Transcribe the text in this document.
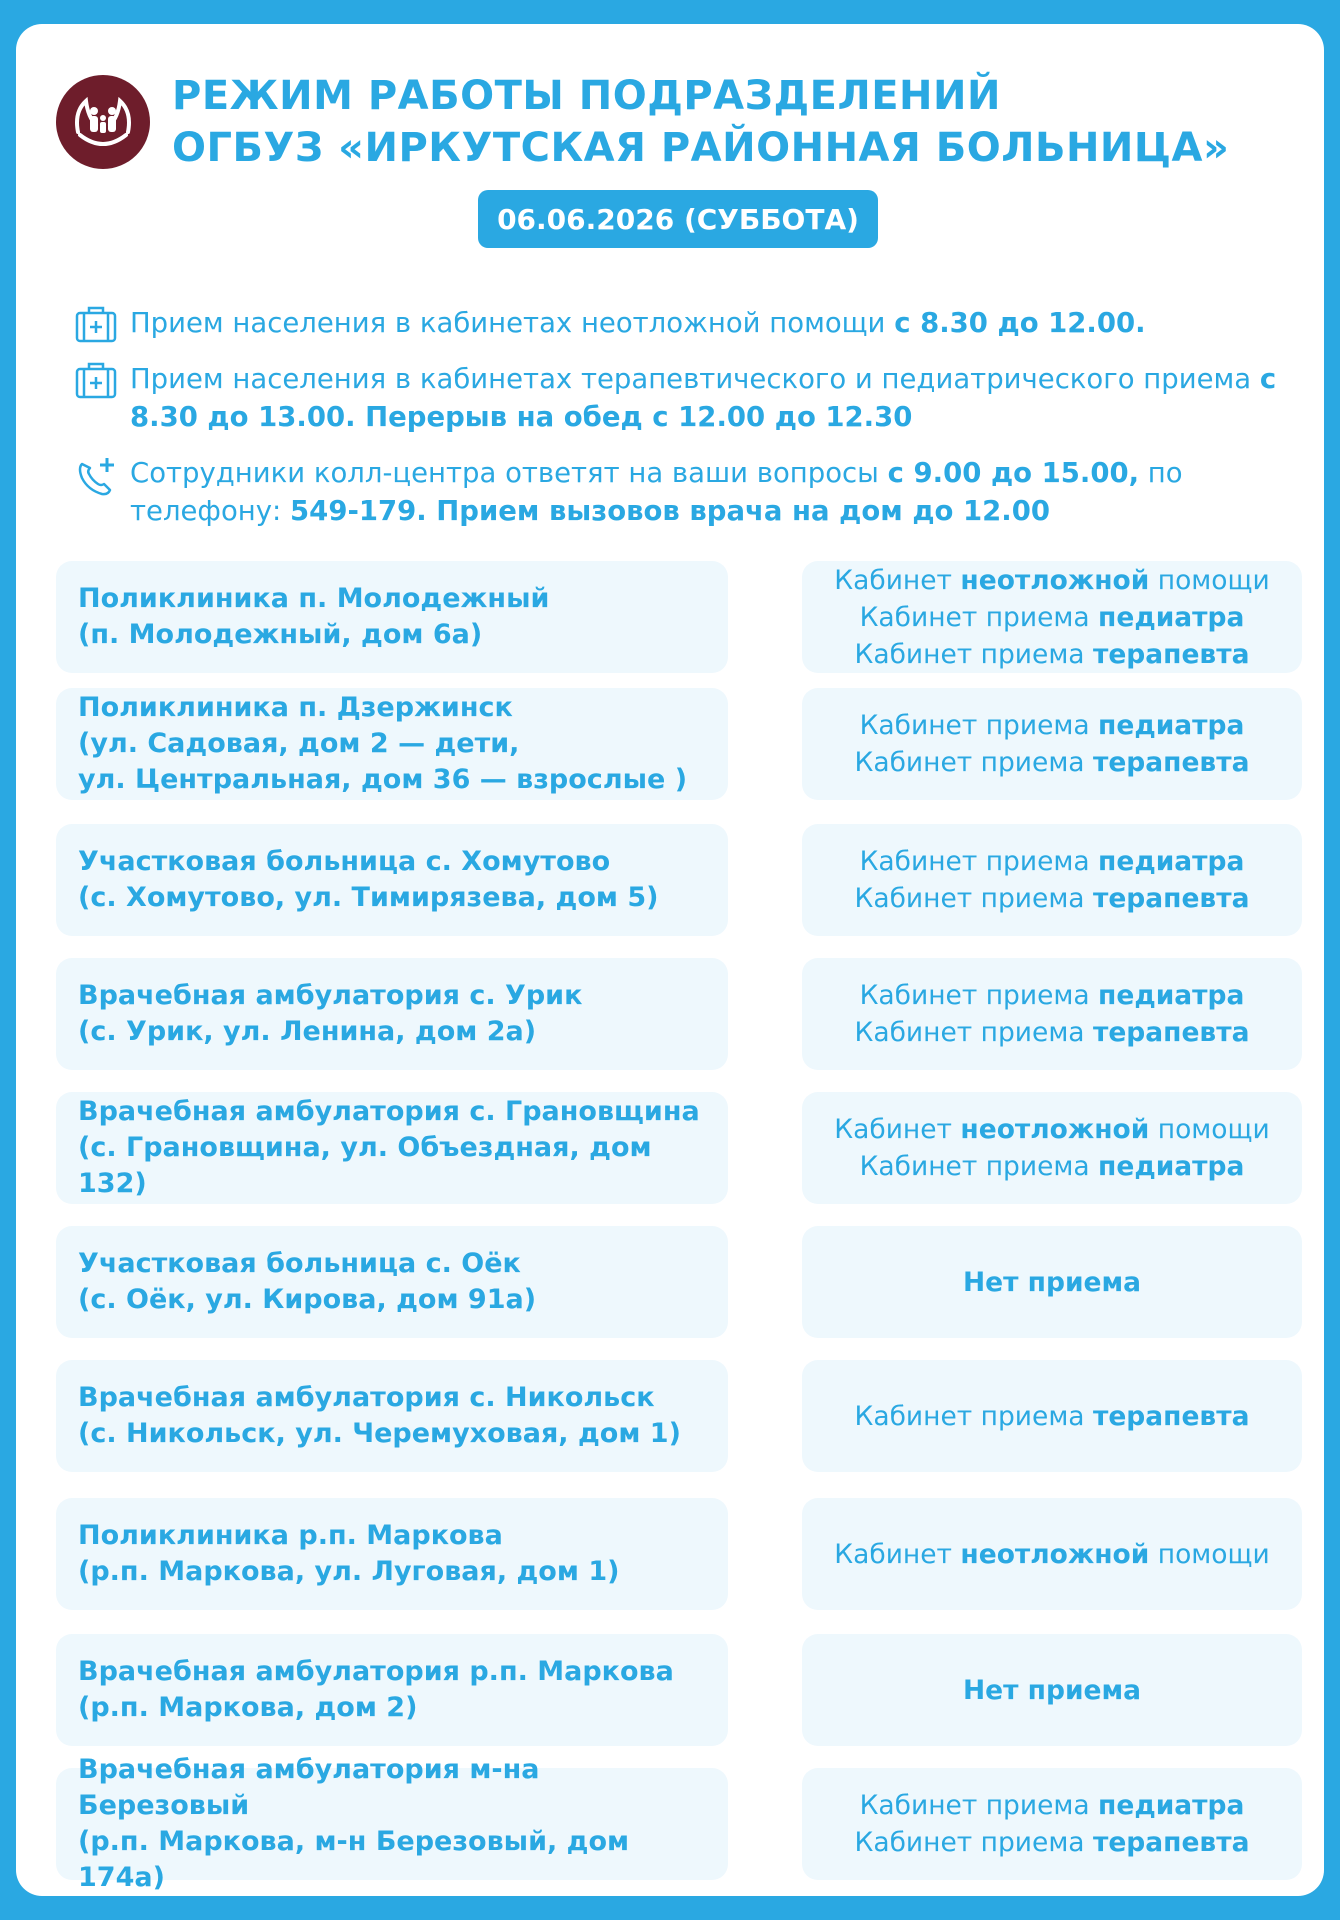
РЕЖИМ РАБОТЫ ПОДРАЗДЕЛЕНИЙ
ОГБУЗ «ИРКУТСКАЯ РАЙОННАЯ БОЛЬНИЦА»
06.06.2026 (СУББОТА)
Прием населения в кабинетах неотложной помощи с 8.30 до 12.00.
Прием населения в кабинетах терапевтического и педиатрического приема с 8.30 до 13.00. Перерыв на обед с 12.00 до 12.30
Сотрудники колл-центра ответят на ваши вопросы с 9.00 до 15.00, по телефону: 549-179. Прием вызовов врача на дом до 12.00
Поликлиника п. Молодежный
(п. Молодежный, дом 6а)
Кабинет неотложной помощи
Кабинет приема педиатра
Кабинет приема терапевта
Поликлиника п. Дзержинск
(ул. Садовая, дом 2 — дети,
ул. Центральная, дом 36 — взрослые )
Кабинет приема педиатра
Кабинет приема терапевта
Участковая больница с. Хомутово
(с. Хомутово, ул. Тимирязева, дом 5)
Кабинет приема педиатра
Кабинет приема терапевта
Врачебная амбулатория с. Урик
(с. Урик, ул. Ленина, дом 2а)
Кабинет приема педиатра
Кабинет приема терапевта
Врачебная амбулатория с. Грановщина
(с. Грановщина, ул. Объездная, дом 132)
Кабинет неотложной помощи
Кабинет приема педиатра
Участковая больница с. Оёк
(с. Оёк, ул. Кирова, дом 91а)
Нет приема
Врачебная амбулатория с. Никольск
(с. Никольск, ул. Черемуховая, дом 1)
Кабинет приема терапевта
Поликлиника р.п. Маркова
(р.п. Маркова, ул. Луговая, дом 1)
Кабинет неотложной помощи
Врачебная амбулатория р.п. Маркова
(р.п. Маркова, дом 2)
Нет приема
Врачебная амбулатория м-на Березовый
(р.п. Маркова, м-н Березовый, дом 174а)
Кабинет приема педиатра
Кабинет приема терапевта
